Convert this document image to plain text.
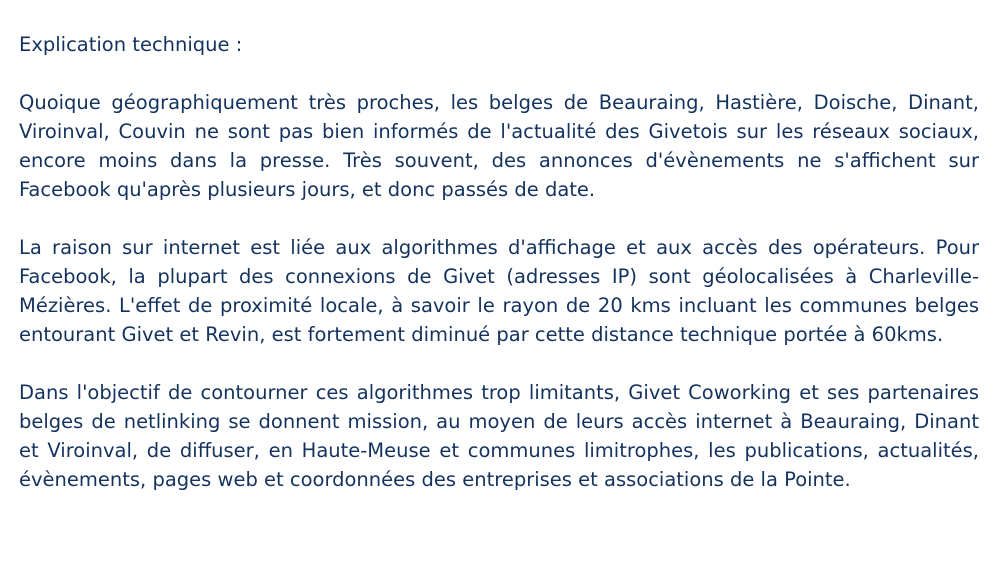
Explication technique :

Quoique géographiquement très proches, les belges de Beauraing, Hastière, Doische, Dinant, Viroinval, Couvin ne sont pas bien informés de l'actualité des Givetois sur les réseaux sociaux, encore moins dans la presse. Très souvent, des annonces d'évènements ne s'affichent sur Facebook qu'après plusieurs jours, et donc passés de date.

La raison sur internet est liée aux algorithmes d'affichage et aux accès des opérateurs. Pour Facebook, la plupart des connexions de Givet (adresses IP) sont géolocalisées à Charleville-Mézières. L'effet de proximité locale, à savoir le rayon de 20 kms incluant les communes belges entourant Givet et Revin, est fortement diminué par cette distance technique portée à 60kms.

Dans l'objectif de contourner ces algorithmes trop limitants, Givet Coworking et ses partenaires belges de netlinking se donnent mission, au moyen de leurs accès internet à Beauraing, Dinant et Viroinval, de diffuser, en Haute-Meuse et communes limitrophes, les publications, actualités, évènements, pages web et coordonnées des entreprises et associations de la Pointe.
